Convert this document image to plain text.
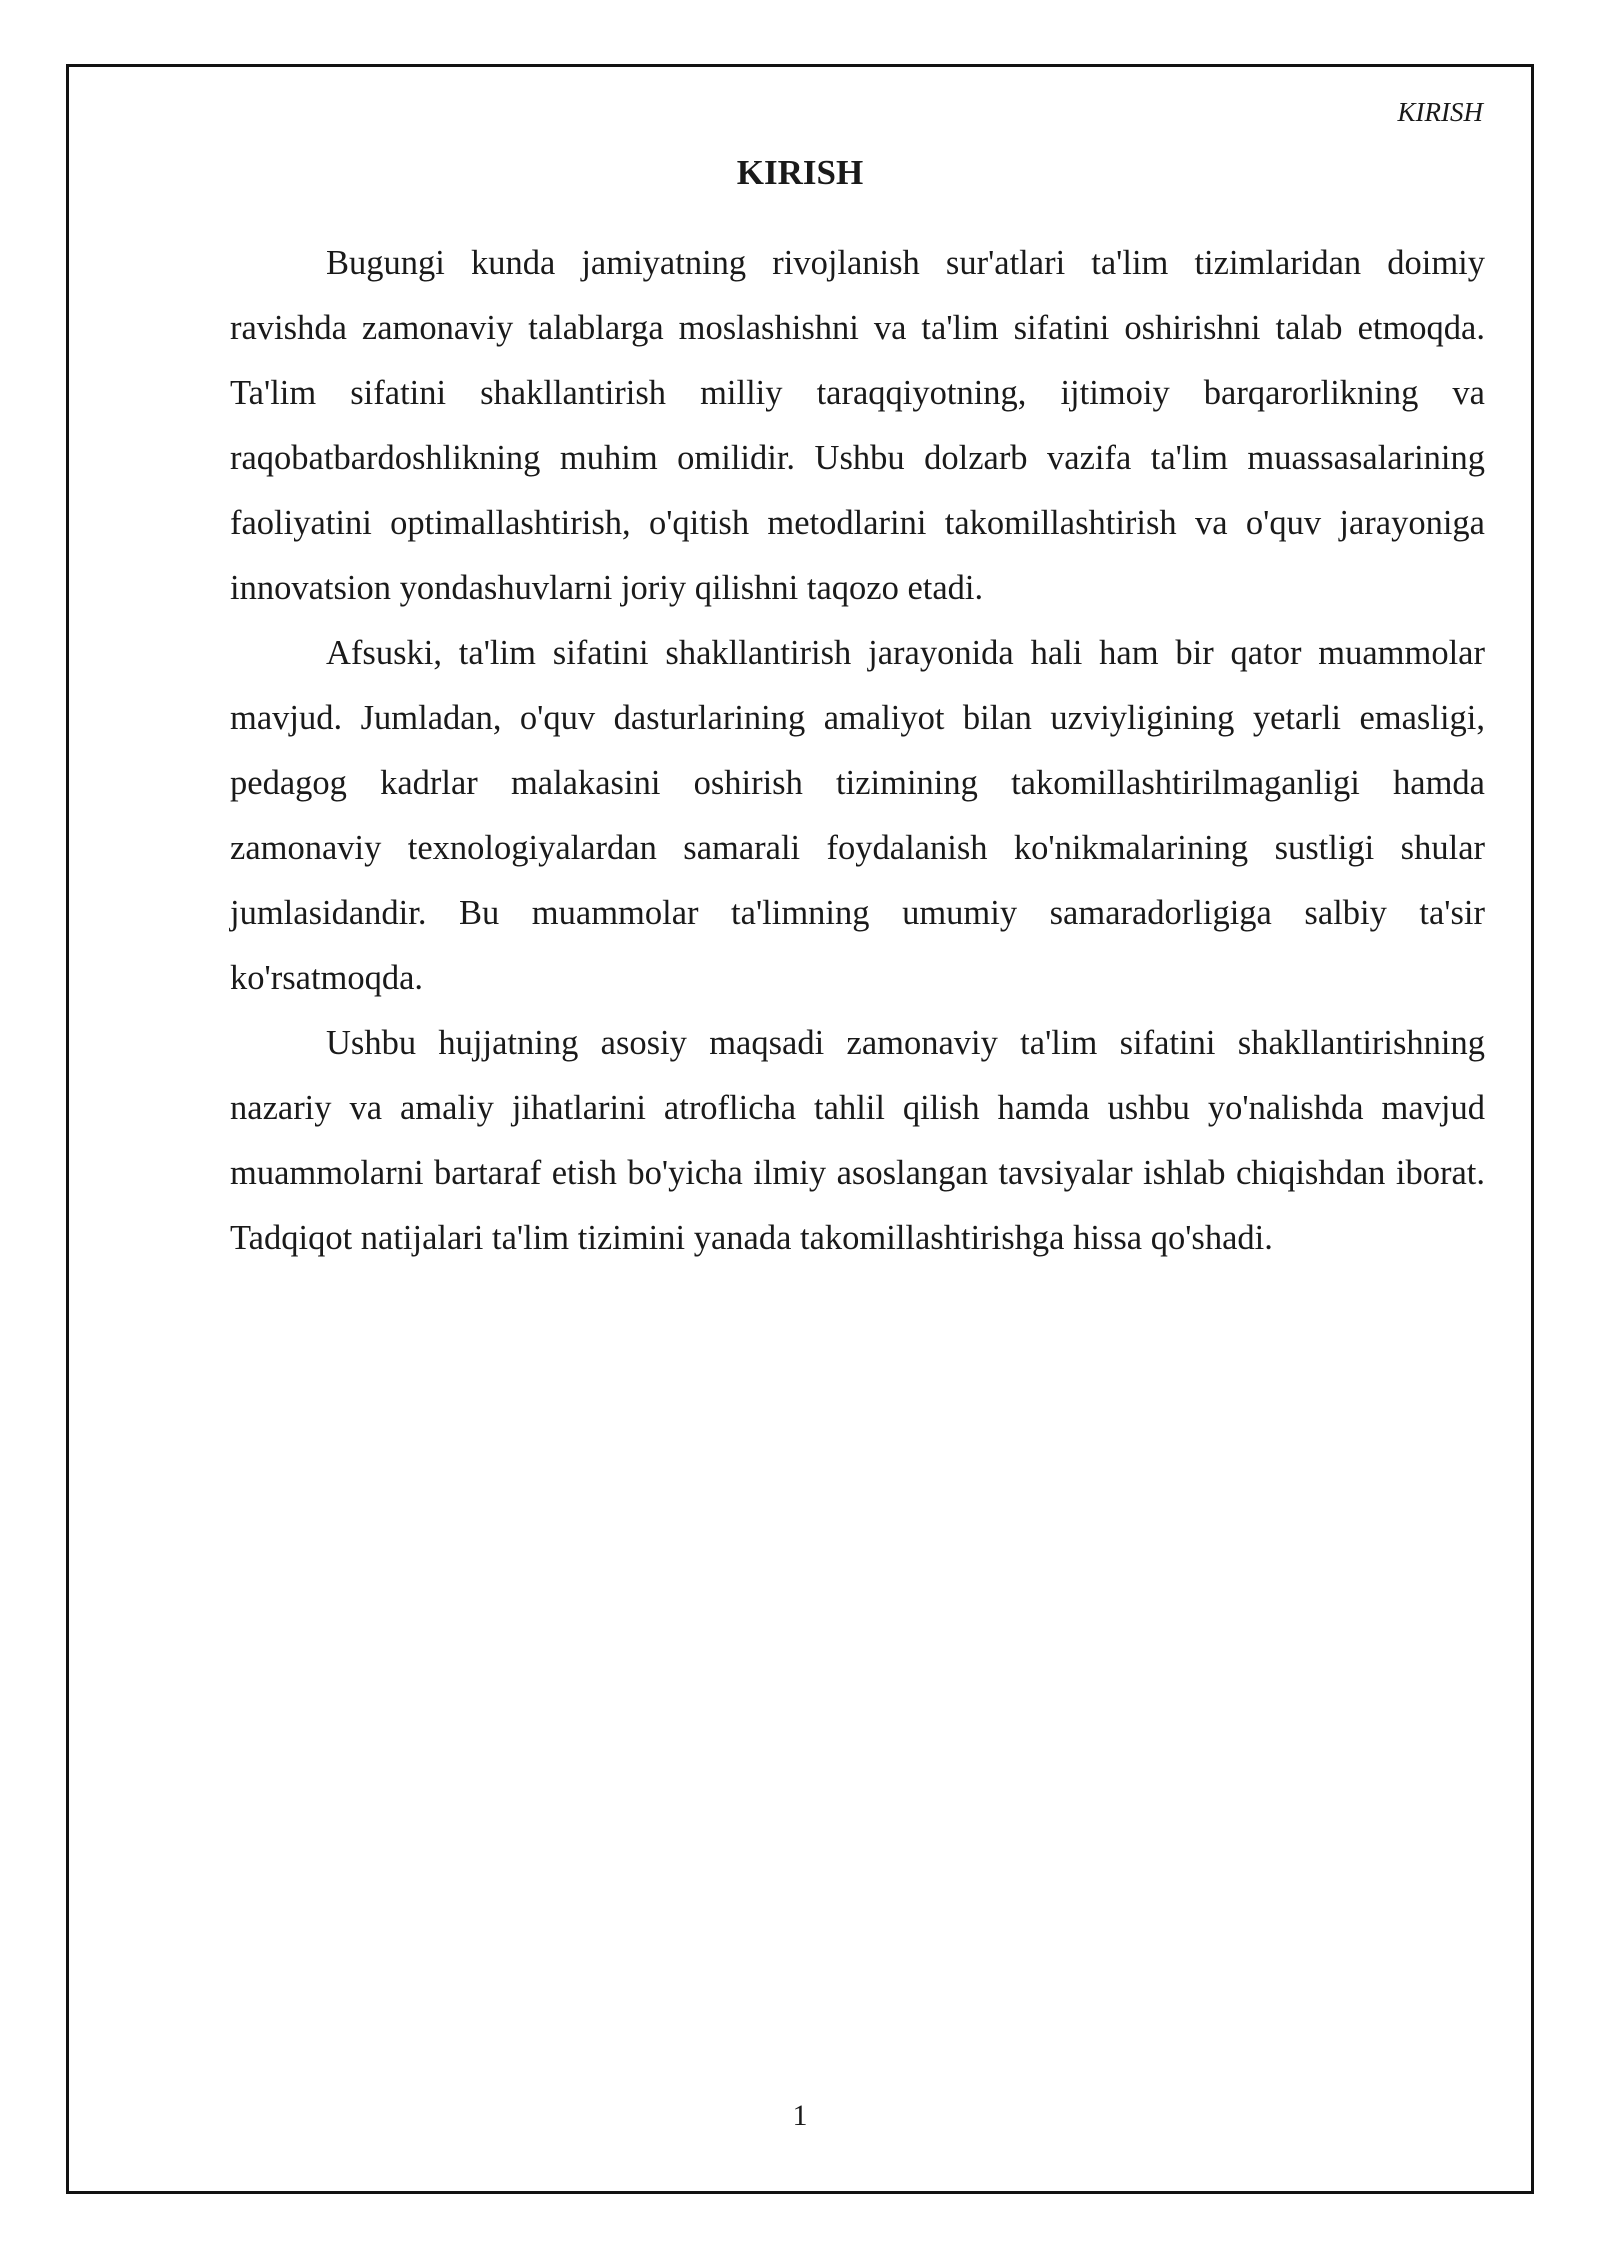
KIRISH
KIRISH

Bugungi kunda jamiyatning rivojlanish sur'atlari ta'lim tizimlaridan doimiy ravishda zamonaviy talablarga moslashishni va ta'lim sifatini oshirishni talab etmoqda. Ta'lim sifatini shakllantirish milliy taraqqiyotning, ijtimoiy barqarorlikning va raqobatbardoshlikning muhim omilidir. Ushbu dolzarb vazifa ta'lim muassasalarining faoliyatini optimallashtirish, o'qitish metodlarini takomillashtirish va o'quv jarayoniga innovatsion yondashuvlarni joriy qilishni taqozo etadi.

Afsuski, ta'lim sifatini shakllantirish jarayonida hali ham bir qator muammolar mavjud. Jumladan, o'quv dasturlarining amaliyot bilan uzviyligining yetarli emasligi, pedagog kadrlar malakasini oshirish tizimining takomillashtirilmaganligi hamda zamonaviy texnologiyalardan samarali foydalanish ko'nikmalarining sustligi shular jumlasidandir. Bu muammolar ta'limning umumiy samaradorligiga salbiy ta'sir ko'rsatmoqda.

Ushbu hujjatning asosiy maqsadi zamonaviy ta'lim sifatini shakllantirishning nazariy va amaliy jihatlarini atroflicha tahlil qilish hamda ushbu yo'nalishda mavjud muammolarni bartaraf etish bo'yicha ilmiy asoslangan tavsiyalar ishlab chiqishdan iborat. Tadqiqot natijalari ta'lim tizimini yanada takomillashtirishga hissa qo'shadi.

1
